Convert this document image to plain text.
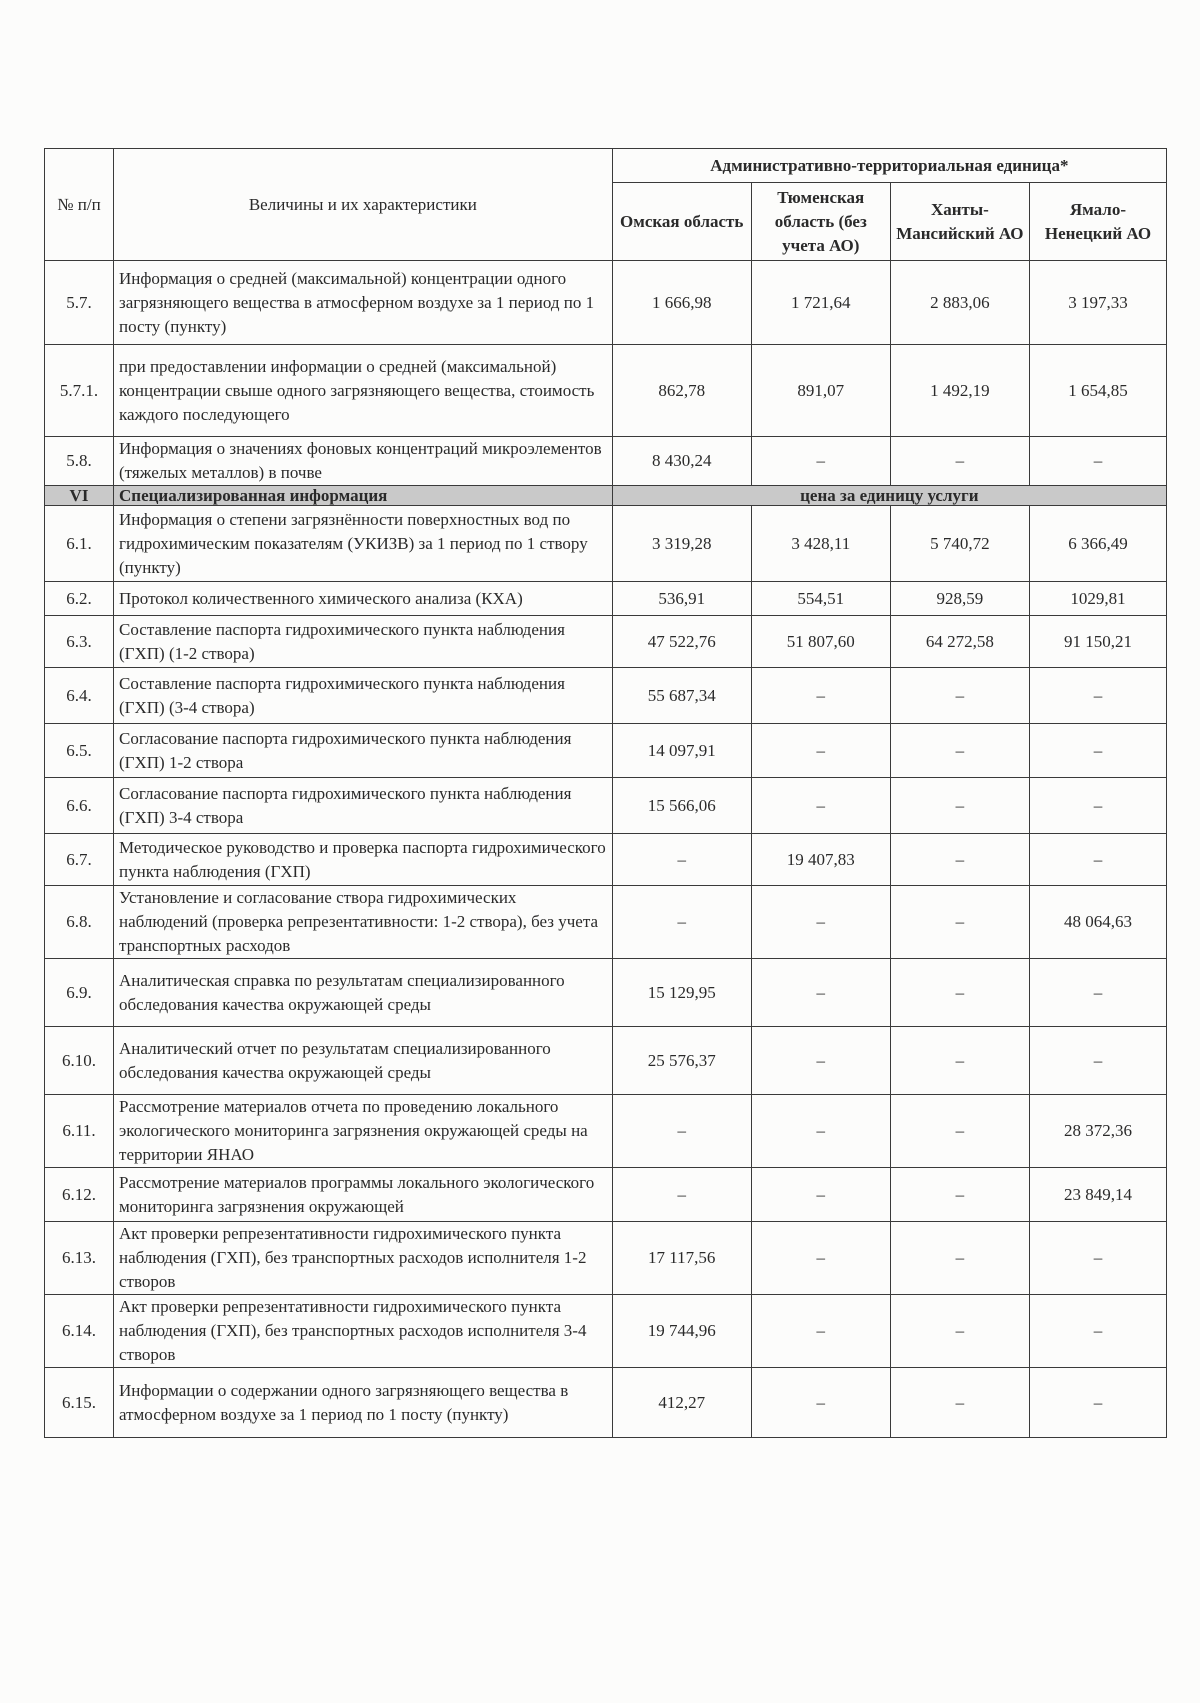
№ п/п	Величины и их характеристики	Административно-территориальная единица*			
		Омская область	Тюменская область (без учета АО)	Ханты-Мансийский АО	Ямало-Ненецкий АО
5.7.	Информация о средней (максимальной) концентрации одного загрязняющего вещества в атмосферном воздухе за 1 период по 1 посту (пункту)	1 666,98	1 721,64	2 883,06	3 197,33
5.7.1.	при предоставлении информации о средней (максимальной) концентрации свыше одного загрязняющего вещества, стоимость каждого последующего	862,78	891,07	1 492,19	1 654,85
5.8.	Информация о значениях фоновых концентраций микроэлементов (тяжелых металлов) в почве	8 430,24	–	–	–
VI	Специализированная информация	цена за единицу услуги			
6.1.	Информация о степени загрязнённости поверхностных вод по гидрохимическим показателям (УКИЗВ) за 1 период по 1 створу (пункту)	3 319,28	3 428,11	5 740,72	6 366,49
6.2.	Протокол количественного химического анализа (КХА)	536,91	554,51	928,59	1029,81
6.3.	Составление паспорта гидрохимического пункта наблюдения (ГХП) (1-2 створа)	47 522,76	51 807,60	64 272,58	91 150,21
6.4.	Составление паспорта гидрохимического пункта наблюдения (ГХП) (3-4 створа)	55 687,34	–	–	–
6.5.	Согласование паспорта гидрохимического пункта наблюдения (ГХП) 1-2 створа	14 097,91	–	–	–
6.6.	Согласование паспорта гидрохимического пункта наблюдения (ГХП) 3-4 створа	15 566,06	–	–	–
6.7.	Методическое руководство и проверка паспорта гидрохимического пункта наблюдения (ГХП)	–	19 407,83	–	–
6.8.	Установление и согласование створа гидрохимических наблюдений (проверка репрезентативности: 1-2 створа), без учета транспортных расходов	–	–	–	48 064,63
6.9.	Аналитическая справка по результатам специализированного обследования качества окружающей среды	15 129,95	–	–	–
6.10.	Аналитический отчет по результатам специализированного обследования качества окружающей среды	25 576,37	–	–	–
6.11.	Рассмотрение материалов отчета по проведению локального экологического мониторинга загрязнения окружающей среды на территории ЯНАО	–	–	–	28 372,36
6.12.	Рассмотрение материалов программы локального экологического мониторинга загрязнения окружающей	–	–	–	23 849,14
6.13.	Акт проверки репрезентативности гидрохимического пункта наблюдения (ГХП), без транспортных расходов исполнителя 1-2 створов	17 117,56	–	–	–
6.14.	Акт проверки репрезентативности гидрохимического пункта наблюдения (ГХП), без транспортных расходов исполнителя 3-4 створов	19 744,96	–	–	–
6.15.	Информации о содержании одного загрязняющего вещества в атмосферном воздухе за 1 период по 1 посту (пункту)	412,27	–	–	–
